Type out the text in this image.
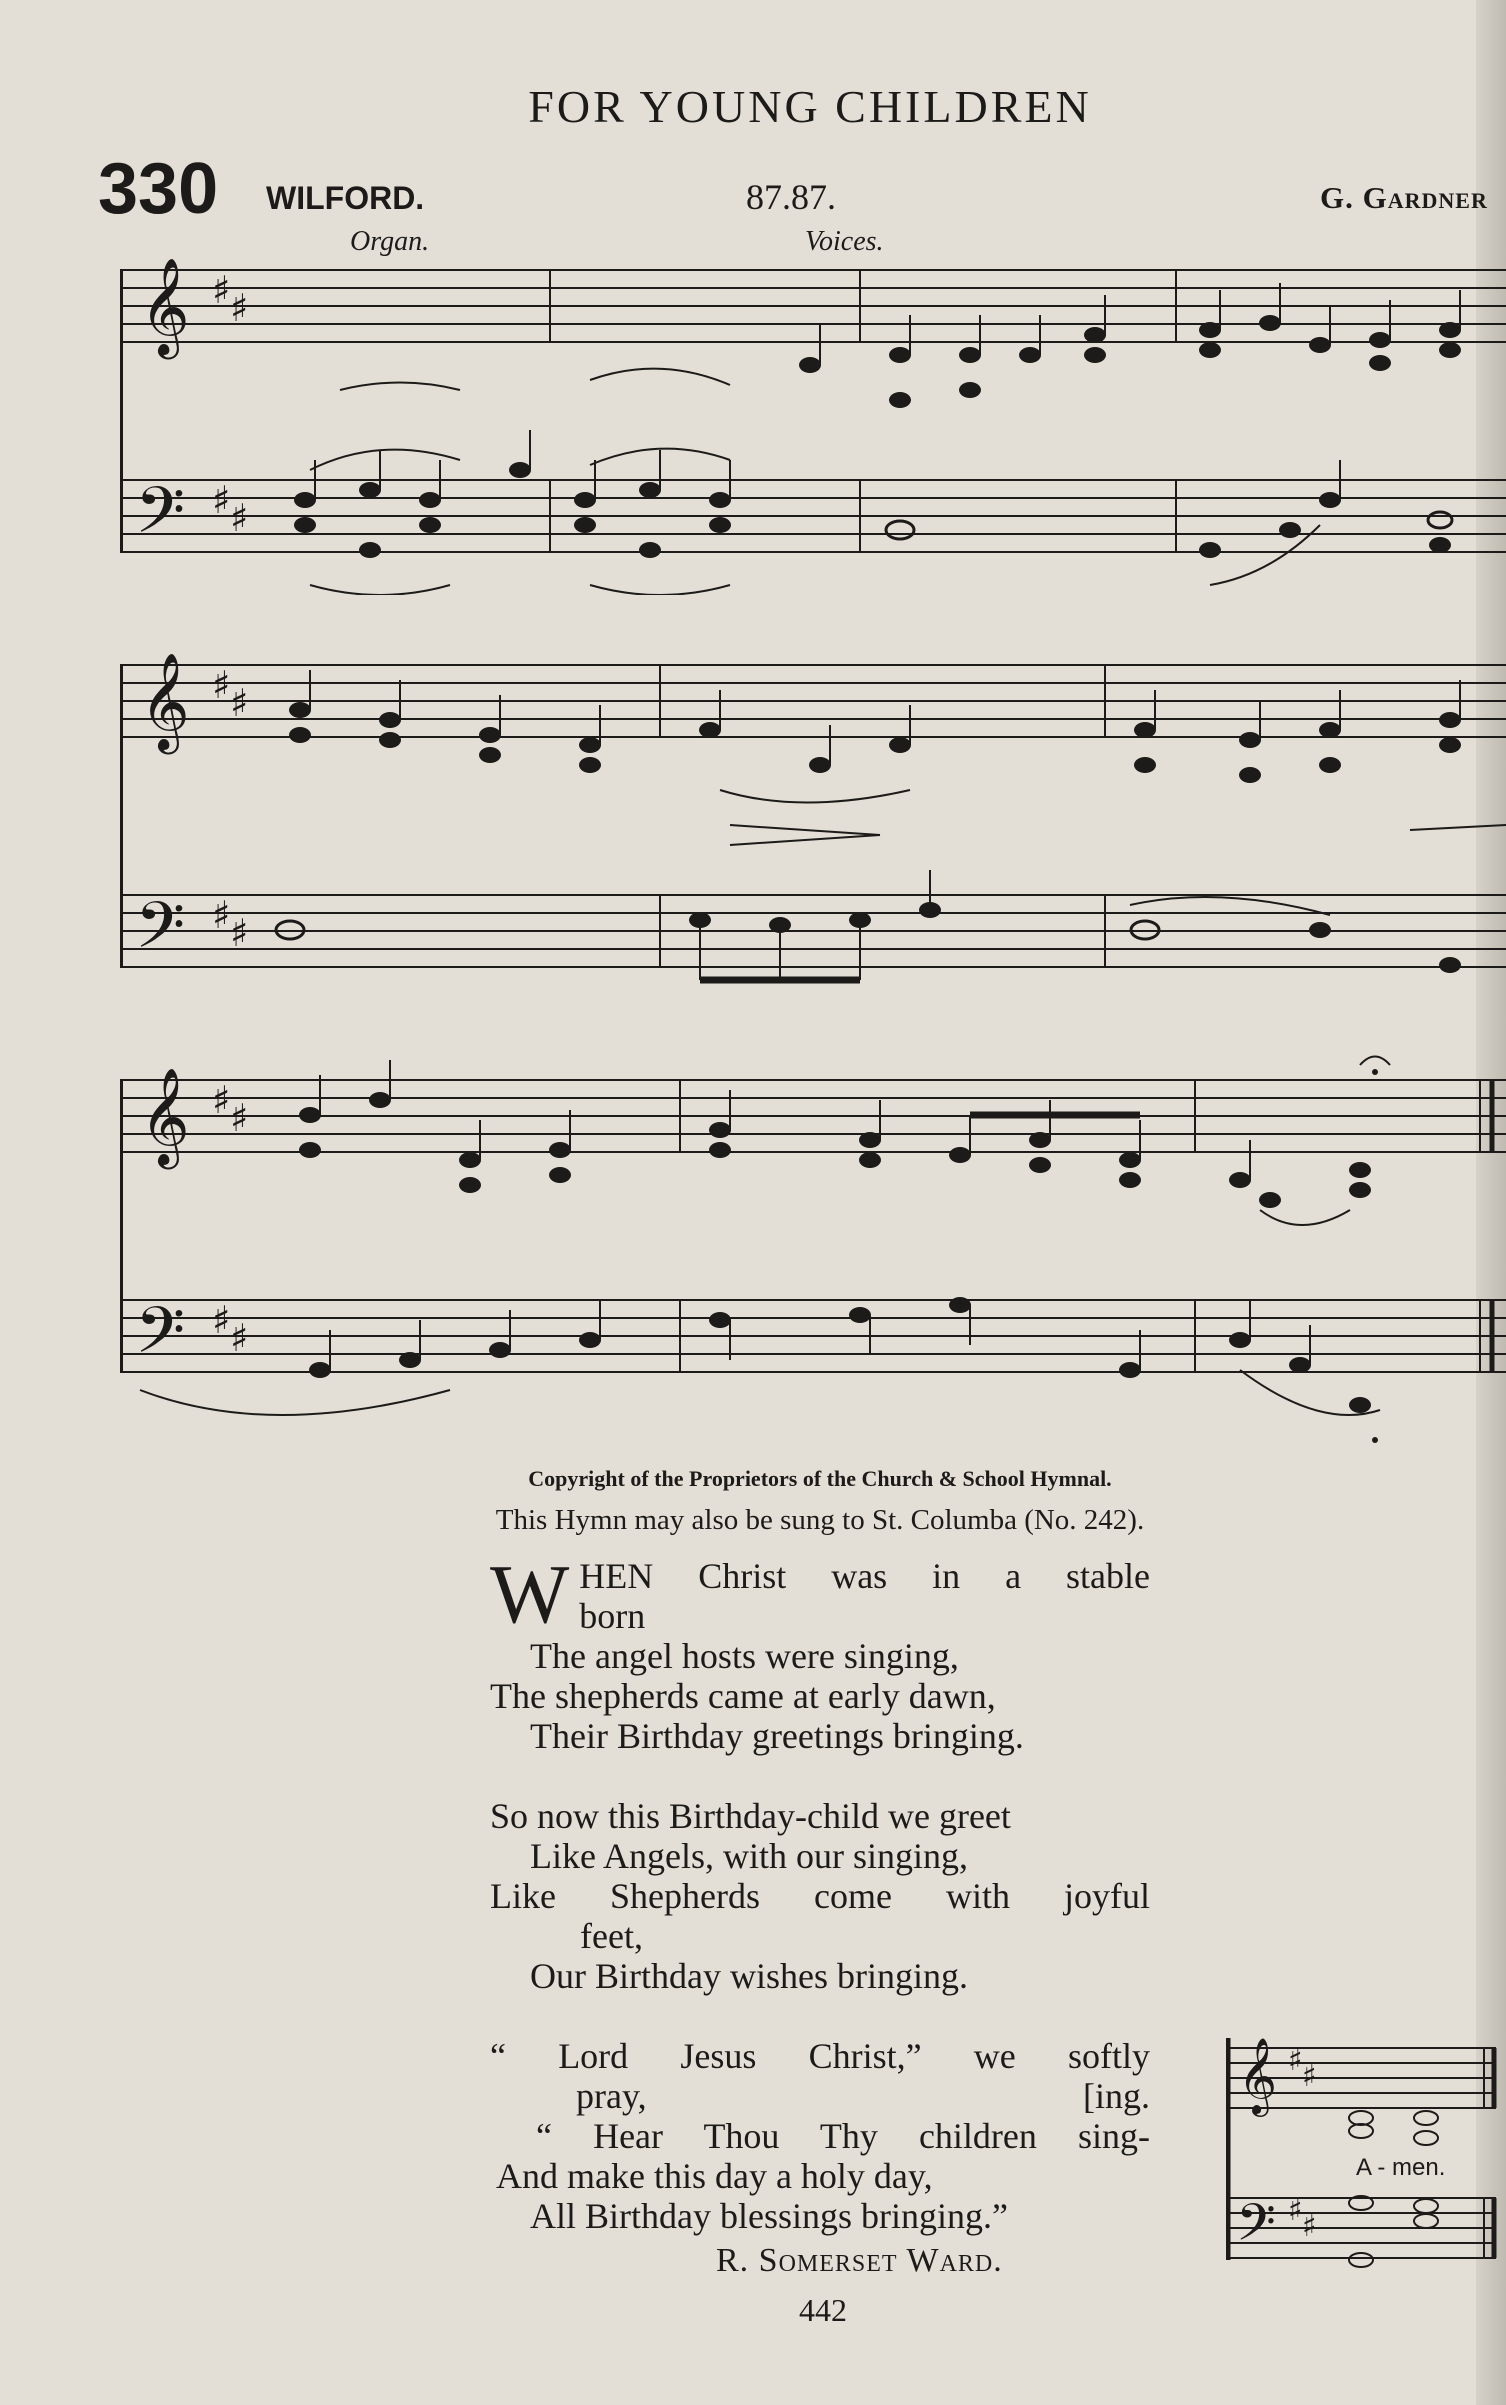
FOR YOUNG CHILDREN
330 WILFORD.	87.87.	G. Gardner
Organ.	Voices.
𝄞
𝄢
♯ ♯
♯ ♯
𝄞
𝄢
♯ ♯
♯ ♯
𝄞
𝄢
♯ ♯
♯ ♯
Copyright of the Proprietors of the Church & School Hymnal.
This Hymn may also be sung to St. Columba (No. 242).
W HEN Christ was in a stable
born
The angel hosts were singing,
The shepherds came at early dawn,
Their Birthday greetings bringing.
So now this Birthday-child we greet
Like Angels, with our singing,
Like Shepherds come with joyful
feet,
Our Birthday wishes bringing.
“ Lord Jesus Christ,” we softly
pray,	[ing.
“ Hear Thou Thy children sing-
And make this day a holy day,
All Birthday blessings bringing.”
R. Somerset Ward.
𝄞
𝄢
♯ ♯
♯ ♯
A - men.
442
